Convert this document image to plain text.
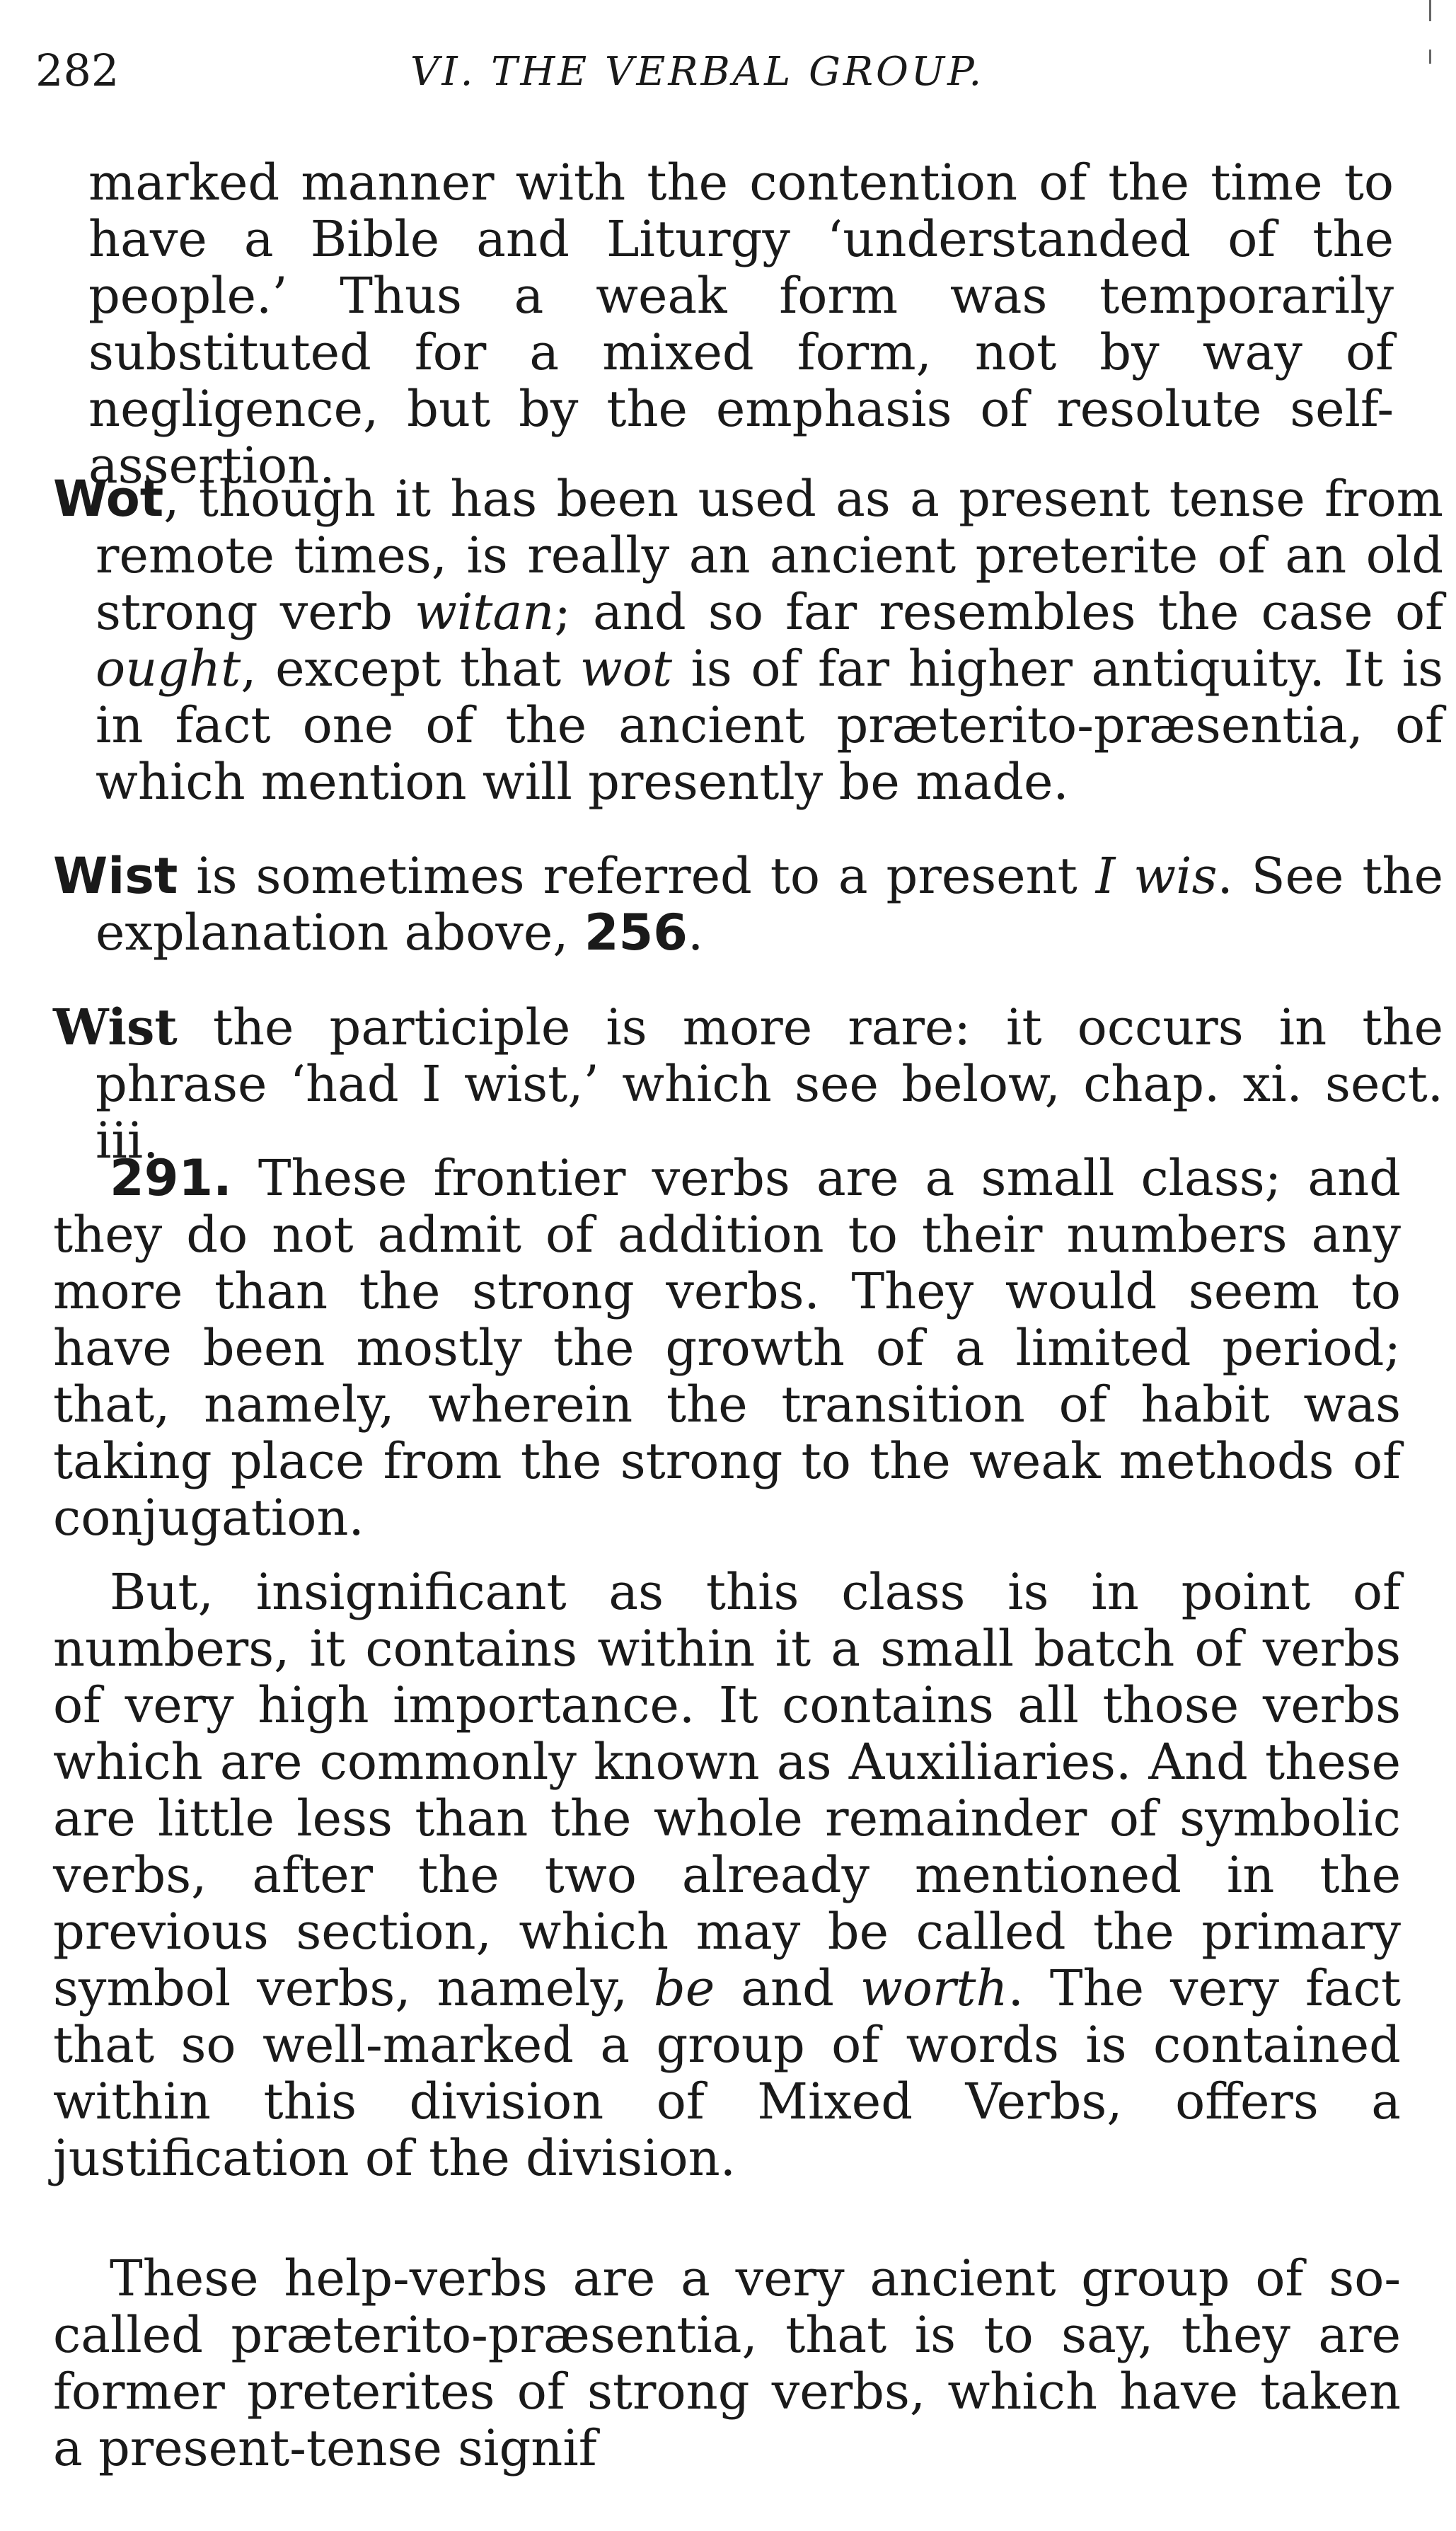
282	VI. THE VERBAL GROUP.

marked manner with the contention of the time to have a Bible and Liturgy ‘understanded of the people.’ Thus a weak form was temporarily substituted for a mixed form, not by way of negligence, but by the emphasis of resolute self-assertion.

Wot, though it has been used as a present tense from remote times, is really an ancient preterite of an old strong verb witan; and so far resembles the case of ought, except that wot is of far higher antiquity. It is in fact one of the ancient præterito-præsentia, of which mention will presently be made.

Wist is sometimes referred to a present I wis. See the explanation above, 256.

Wist the participle is more rare: it occurs in the phrase ‘had I wist,’ which see below, chap. xi. sect. iii.

291. These frontier verbs are a small class; and they do not admit of addition to their numbers any more than the strong verbs. They would seem to have been mostly the growth of a limited period; that, namely, wherein the transition of habit was taking place from the strong to the weak methods of conjugation.

But, insignificant as this class is in point of numbers, it contains within it a small batch of verbs of very high importance. It contains all those verbs which are commonly known as Auxiliaries. And these are little less than the whole remainder of symbolic verbs, after the two already mentioned in the previous section, which may be called the primary symbol verbs, namely, be and worth. The very fact that so well-marked a group of words is contained within this division of Mixed Verbs, offers a justification of the division.

These help-verbs are a very ancient group of so-called præterito-præsentia, that is to say, they are former preterites of strong verbs, which have taken a present-tense signif
